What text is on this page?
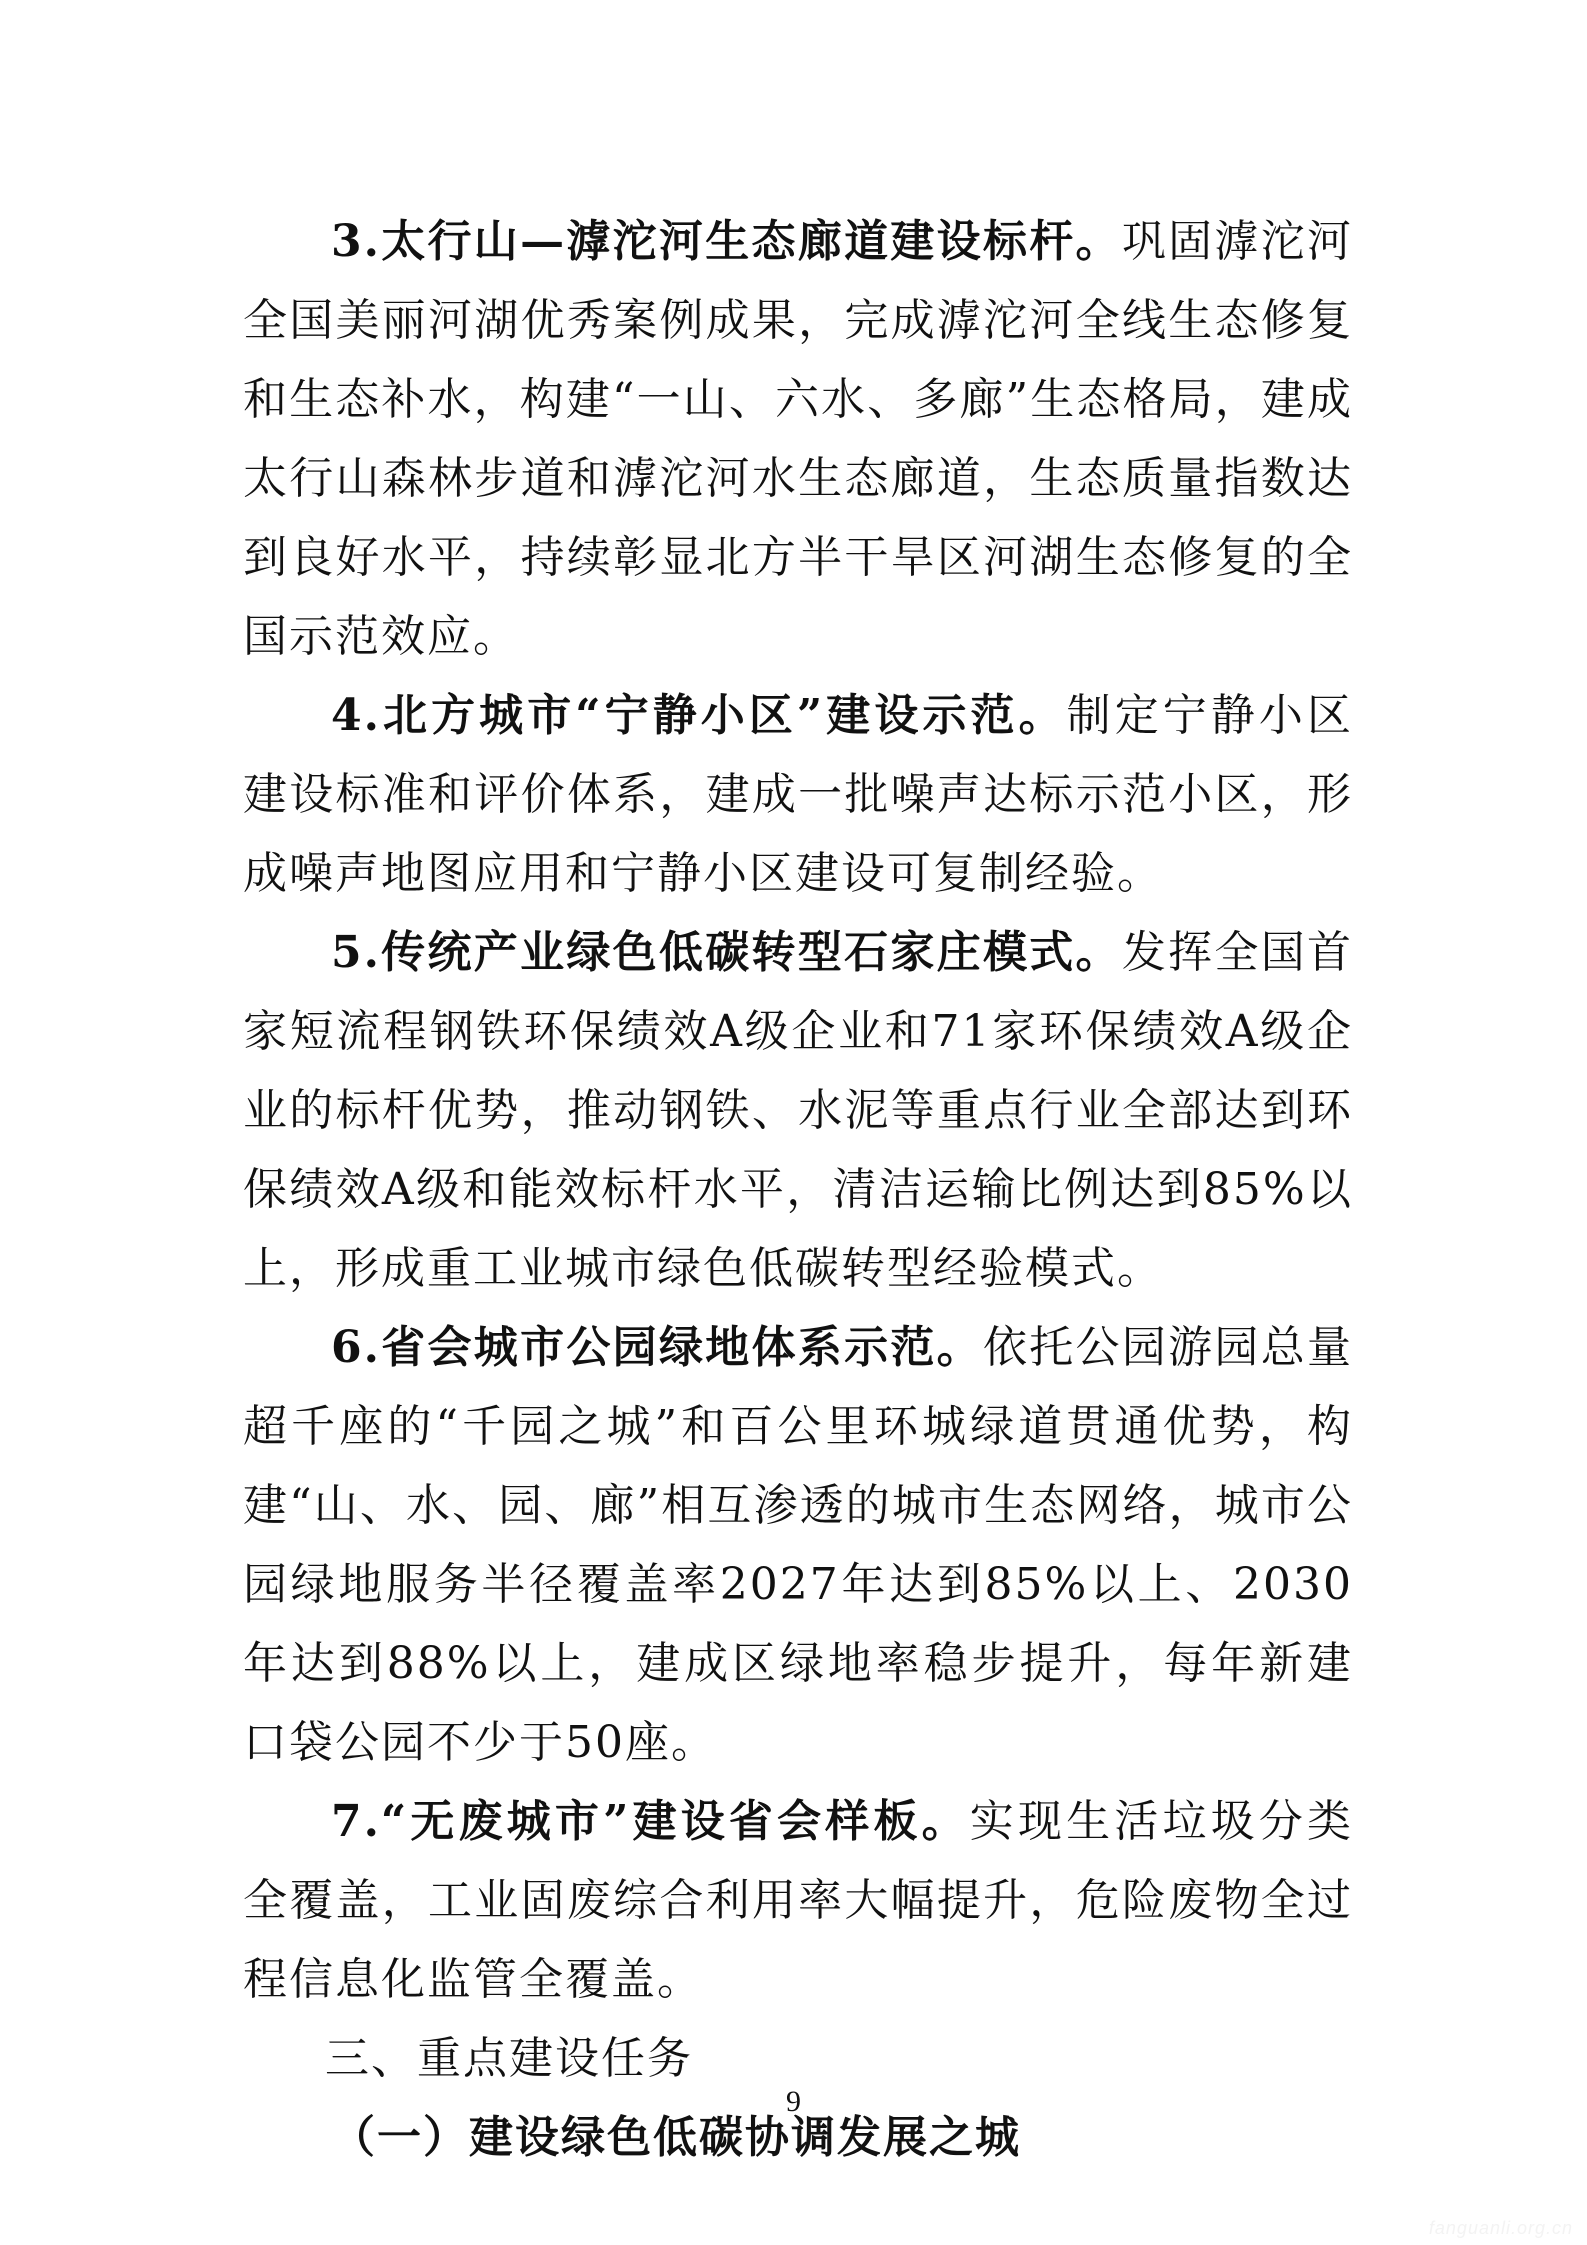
3.太行山—滹沱河生态廊道建设标杆。巩固滹沱河全国美丽河湖优秀案例成果，完成滹沱河全线生态修复和生态补水，构建“一山、六水、多廊”生态格局，建成太行山森林步道和滹沱河水生态廊道，生态质量指数达到良好水平，持续彰显北方半干旱区河湖生态修复的全国示范效应。

4.北方城市“宁静小区”建设示范。制定宁静小区建设标准和评价体系，建成一批噪声达标示范小区，形成噪声地图应用和宁静小区建设可复制经验。

5.传统产业绿色低碳转型石家庄模式。发挥全国首家短流程钢铁环保绩效A级企业和71家环保绩效A级企业的标杆优势，推动钢铁、水泥等重点行业全部达到环保绩效A级和能效标杆水平，清洁运输比例达到85%以上，形成重工业城市绿色低碳转型经验模式。

6.省会城市公园绿地体系示范。依托公园游园总量超千座的“千园之城”和百公里环城绿道贯通优势，构建“山、水、园、廊”相互渗透的城市生态网络，城市公园绿地服务半径覆盖率2027年达到85%以上、2030年达到88%以上，建成区绿地率稳步提升，每年新建口袋公园不少于50座。

7.“无废城市”建设省会样板。实现生活垃圾分类全覆盖，工业固废综合利用率大幅提升，危险废物全过程信息化监管全覆盖。

三、重点建设任务

（一）建设绿色低碳协调发展之城

9
fanguanli.org.cn
